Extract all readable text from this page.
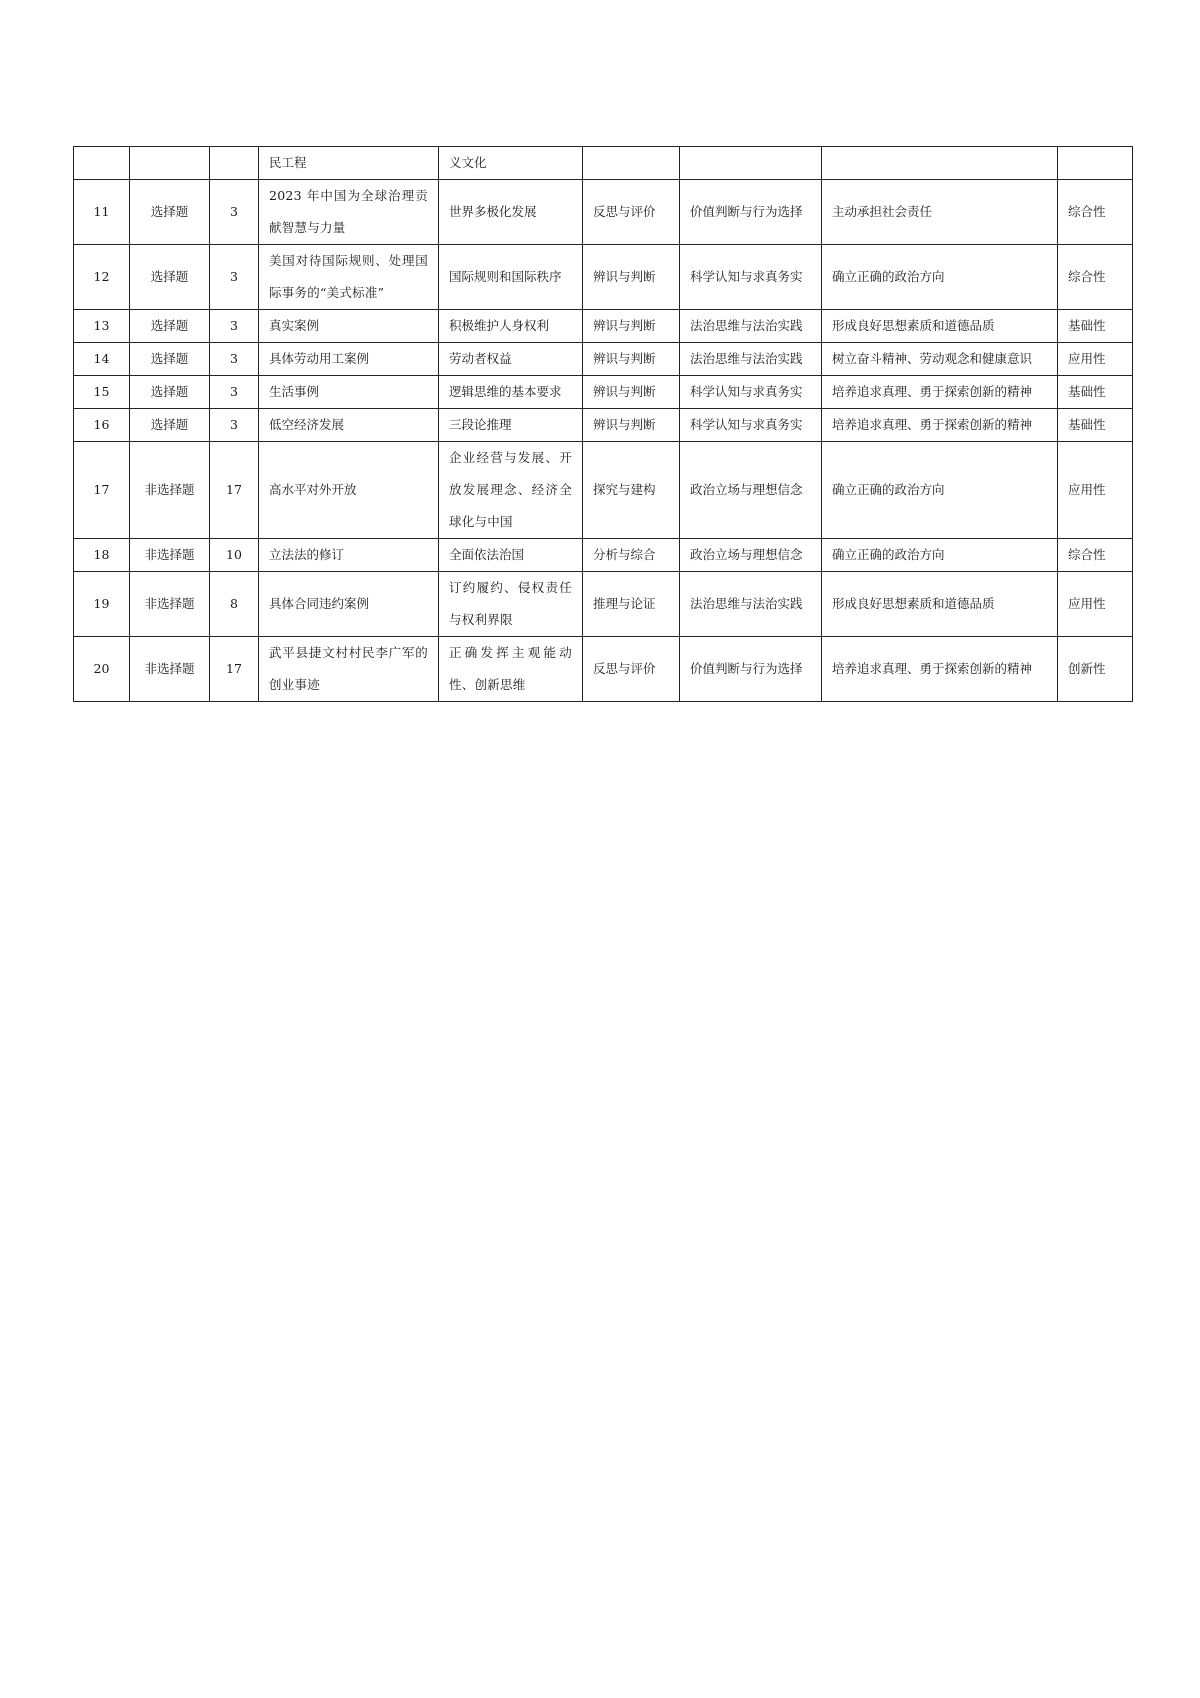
			民工程	义文化				
11	选择题	3	2023 年中国为全球治理贡献智慧与力量	世界多极化发展	反思与评价	价值判断与行为选择	主动承担社会责任	综合性
12	选择题	3	美国对待国际规则、处理国际事务的“美式标准”	国际规则和国际秩序	辨识与判断	科学认知与求真务实	确立正确的政治方向	综合性
13	选择题	3	真实案例	积极维护人身权利	辨识与判断	法治思维与法治实践	形成良好思想素质和道德品质	基础性
14	选择题	3	具体劳动用工案例	劳动者权益	辨识与判断	法治思维与法治实践	树立奋斗精神、劳动观念和健康意识	应用性
15	选择题	3	生活事例	逻辑思维的基本要求	辨识与判断	科学认知与求真务实	培养追求真理、勇于探索创新的精神	基础性
16	选择题	3	低空经济发展	三段论推理	辨识与判断	科学认知与求真务实	培养追求真理、勇于探索创新的精神	基础性
17	非选择题	17	高水平对外开放	企业经营与发展、开放发展理念、经济全球化与中国	探究与建构	政治立场与理想信念	确立正确的政治方向	应用性
18	非选择题	10	立法法的修订	全面依法治国	分析与综合	政治立场与理想信念	确立正确的政治方向	综合性
19	非选择题	8	具体合同违约案例	订约履约、侵权责任与权利界限	推理与论证	法治思维与法治实践	形成良好思想素质和道德品质	应用性
20	非选择题	17	武平县捷文村村民李广军的创业事迹	正确发挥主观能动性、创新思维	反思与评价	价值判断与行为选择	培养追求真理、勇于探索创新的精神	创新性
